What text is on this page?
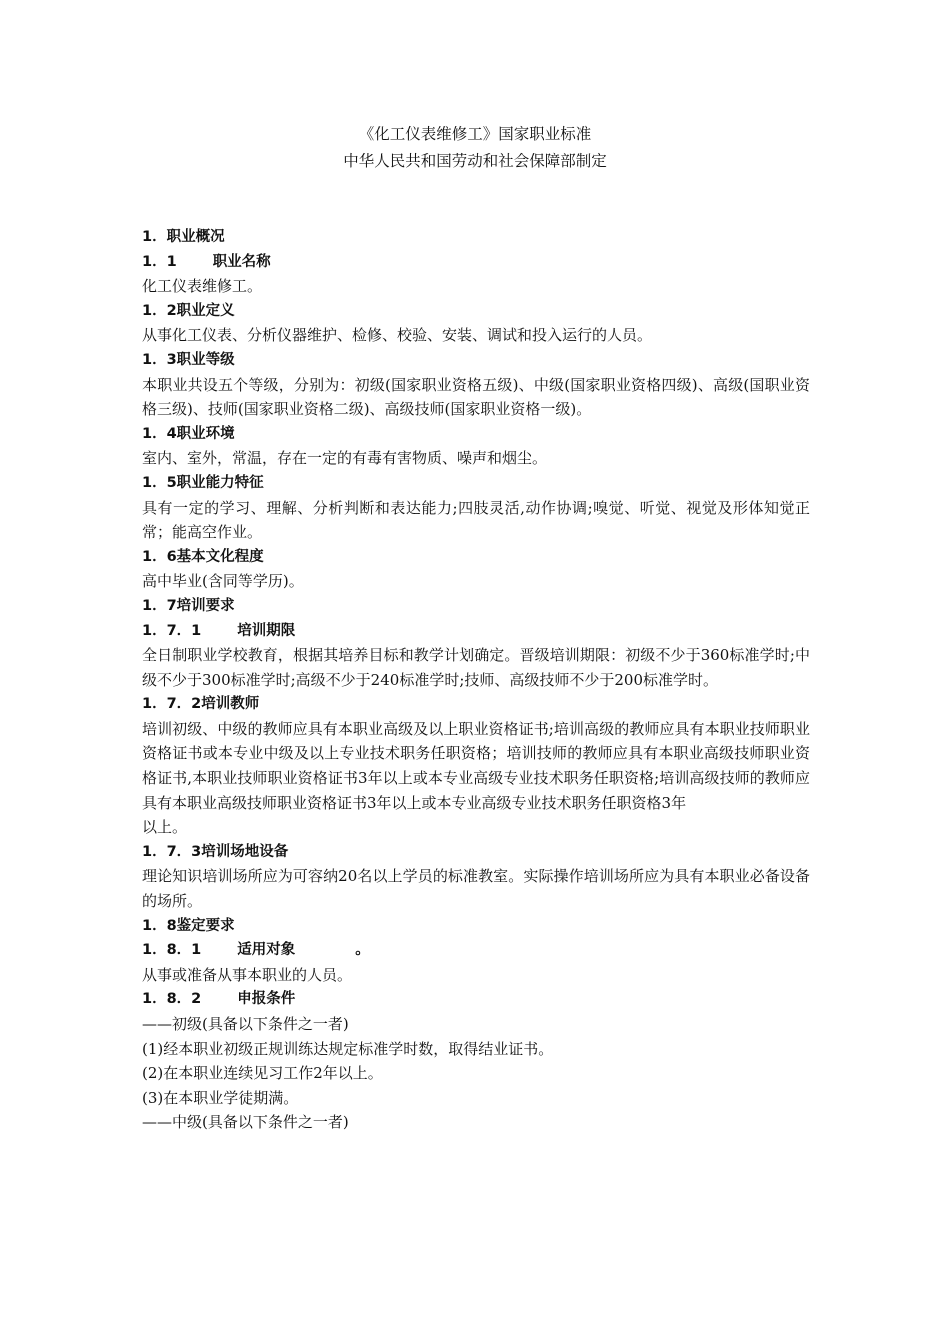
《化工仪表维修工》国家职业标准

中华人民共和国劳动和社会保障部制定

1．职业概况

1．1 职业名称

化工仪表维修工。

1．2职业定义

从事化工仪表、分析仪器维护、检修、校验、安装、调试和投入运行的人员。

1．3职业等级

本职业共设五个等级，分别为：初级(国家职业资格五级)、中级(国家职业资格四级)、高级(国职业资格三级)、技师(国家职业资格二级)、高级技师(国家职业资格一级)。

1．4职业环境

室内、室外，常温，存在一定的有毒有害物质、噪声和烟尘。

1．5职业能力特征

具有一定的学习、理解、分析判断和表达能力;四肢灵活,动作协调;嗅觉、听觉、视觉及形体知觉正常；能高空作业。

1．6基本文化程度

高中毕业(含同等学历)。

1．7培训要求

1．7．1 培训期限

全日制职业学校教育，根据其培养目标和教学计划确定。晋级培训期限：初级不少于360标准学时;中级不少于300标准学时;高级不少于240标准学时;技师、高级技师不少于200标准学时。

1．7．2培训教师

培训初级、中级的教师应具有本职业高级及以上职业资格证书;培训高级的教师应具有本职业技师职业资格证书或本专业中级及以上专业技术职务任职资格；培训技师的教师应具有本职业高级技师职业资格证书,本职业技师职业资格证书3年以上或本专业高级专业技术职务任职资格;培训高级技师的教师应具有本职业高级技师职业资格证书3年以上或本专业高级专业技术职务任职资格3年

以上。

1．7．3培训场地设备

理论知识培训场所应为可容纳20名以上学员的标准教室。实际操作培训场所应为具有本职业必备设备的场所。

1．8鉴定要求

1．8．1 适用对象	。

从事或准备从事本职业的人员。

1．8．2 申报条件

——初级(具备以下条件之一者)

(1)经本职业初级正规训练达规定标准学时数，取得结业证书。

(2)在本职业连续见习工作2年以上。

(3)在本职业学徒期满。

——中级(具备以下条件之一者)
